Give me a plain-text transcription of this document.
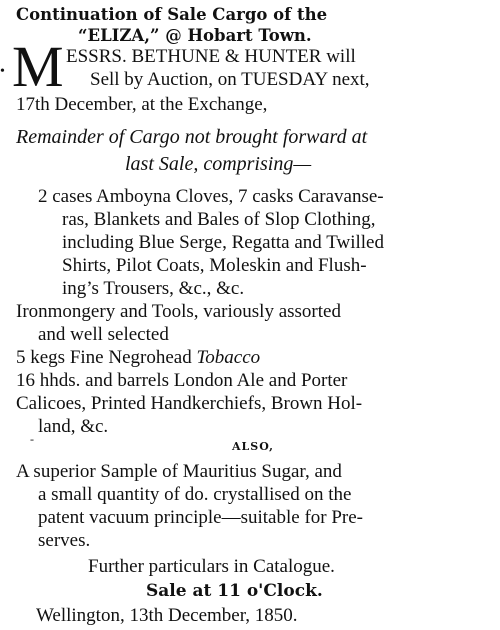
Continuation of Sale Cargo of the
“ELIZA,” @ Hobart Town.
• M ESSRS. BETHUNE & HUNTER will
Sell by Auction, on TUESDAY next,
17th December, at the Exchange,
Remainder of Cargo not brought forward at
last Sale, comprising—
2 cases Amboyna Cloves, 7 casks Caravanse-
ras, Blankets and Bales of Slop Clothing,
including Blue Serge, Regatta and Twilled
Shirts, Pilot Coats, Moleskin and Flush-
ing’s Trousers, &c., &c.
Ironmongery and Tools, variously assorted
and well selected
5 kegs Fine Negrohead Tobacco
16 hhds. and barrels London Ale and Porter
Calicoes, Printed Handkerchiefs, Brown Hol-
land, &c.
-
ALSO,
A superior Sample of Mauritius Sugar, and
a small quantity of do. crystallised on the
patent vacuum principle—suitable for Pre-
serves.
Further particulars in Catalogue.
Sale at 11 o'Clock.
Wellington, 13th December, 1850.
